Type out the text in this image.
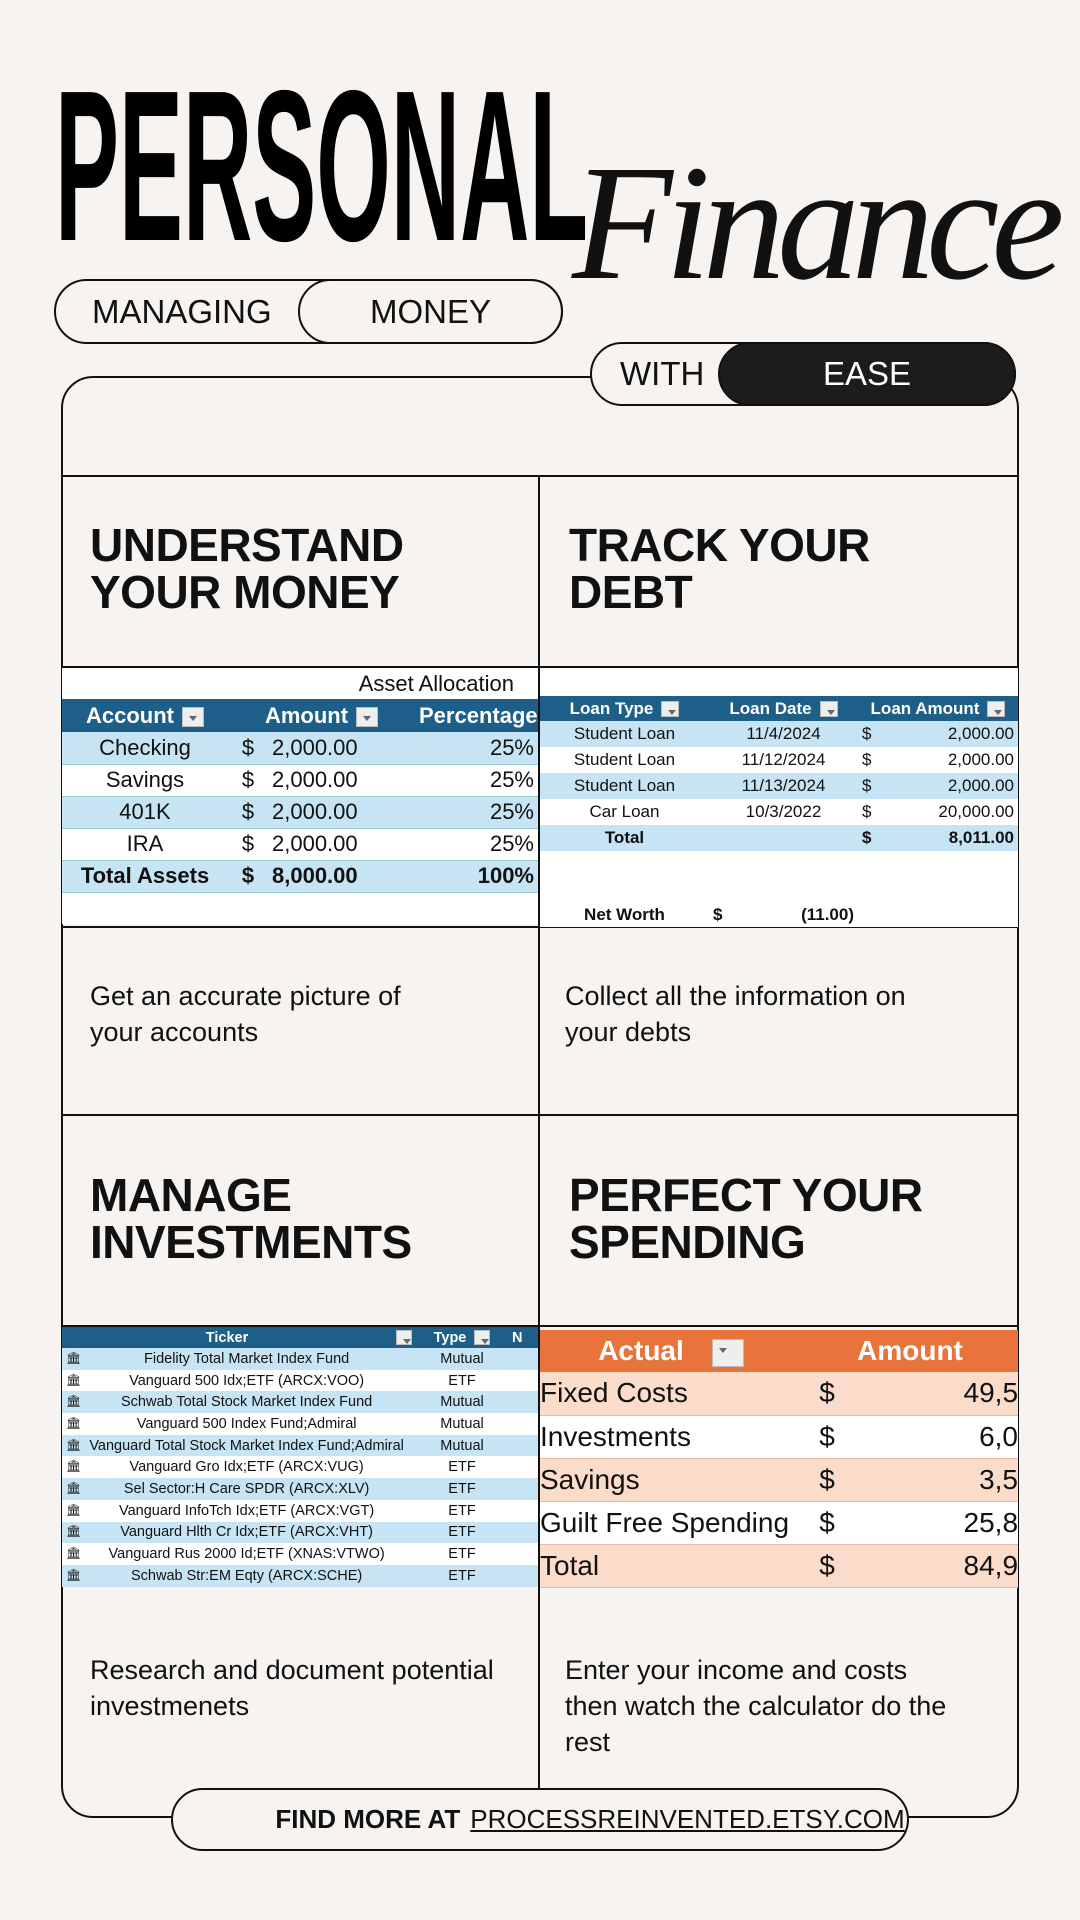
PERSONAL
Finance
MANAGING	MONEY
WITH	EASE
UNDERSTAND
YOUR MONEY
TRACK YOUR
DEBT
MANAGE
INVESTMENTS
PERFECT YOUR
SPENDING
Get an accurate picture of
your accounts
Collect all the information on
your debts
Research and document potential
investmenets
Enter your income and costs
then watch the calculator do the
rest
Asset Allocation			
Account	Amount		Percentage
Checking	$	2,000.00	25%
Savings	$	2,000.00	25%
401K	$	2,000.00	25%
IRA	$	2,000.00	25%
Total Assets	$	8,000.00	100%

Loan Type	Loan Date	Loan Amount	
Student Loan	11/4/2024	$	2,000.00
Student Loan	11/12/2024	$	2,000.00
Student Loan	11/13/2024	$	2,000.00
Car Loan	10/3/2022	$	20,000.00
Total		$	8,011.00

Net Worth	$ (11.00)		

Ticker	Type	N

🏛 Fidelity Total Market Index Fund	Mutual	

🏛 Vanguard 500 Idx;ETF (ARCX:VOO)	ETF	

🏛 Schwab Total Stock Market Index Fund	Mutual	

🏛 Vanguard 500 Index Fund;Admiral	Mutual	

🏛 Vanguard Total Stock Market Index Fund;Admiral	Mutual	

🏛 Vanguard Gro Idx;ETF (ARCX:VUG)	ETF	

🏛 Sel Sector:H Care SPDR (ARCX:XLV)	ETF	

🏛 Vanguard InfoTch Idx;ETF (ARCX:VGT)	ETF	

🏛 Vanguard Hlth Cr Idx;ETF (ARCX:VHT)	ETF	

🏛 Vanguard Rus 2000 Id;ETF (XNAS:VTWO)	ETF	

🏛 Schwab Str:EM Eqty (ARCX:SCHE)	ETF	
Actual	Amount	
Fixed Costs	$	49,5
Investments	$	6,0
Savings	$	3,5
Guilt Free Spending	$	25,8
Total	$	84,9
FIND MORE AT PROCESSREINVENTED.ETSY.COM
